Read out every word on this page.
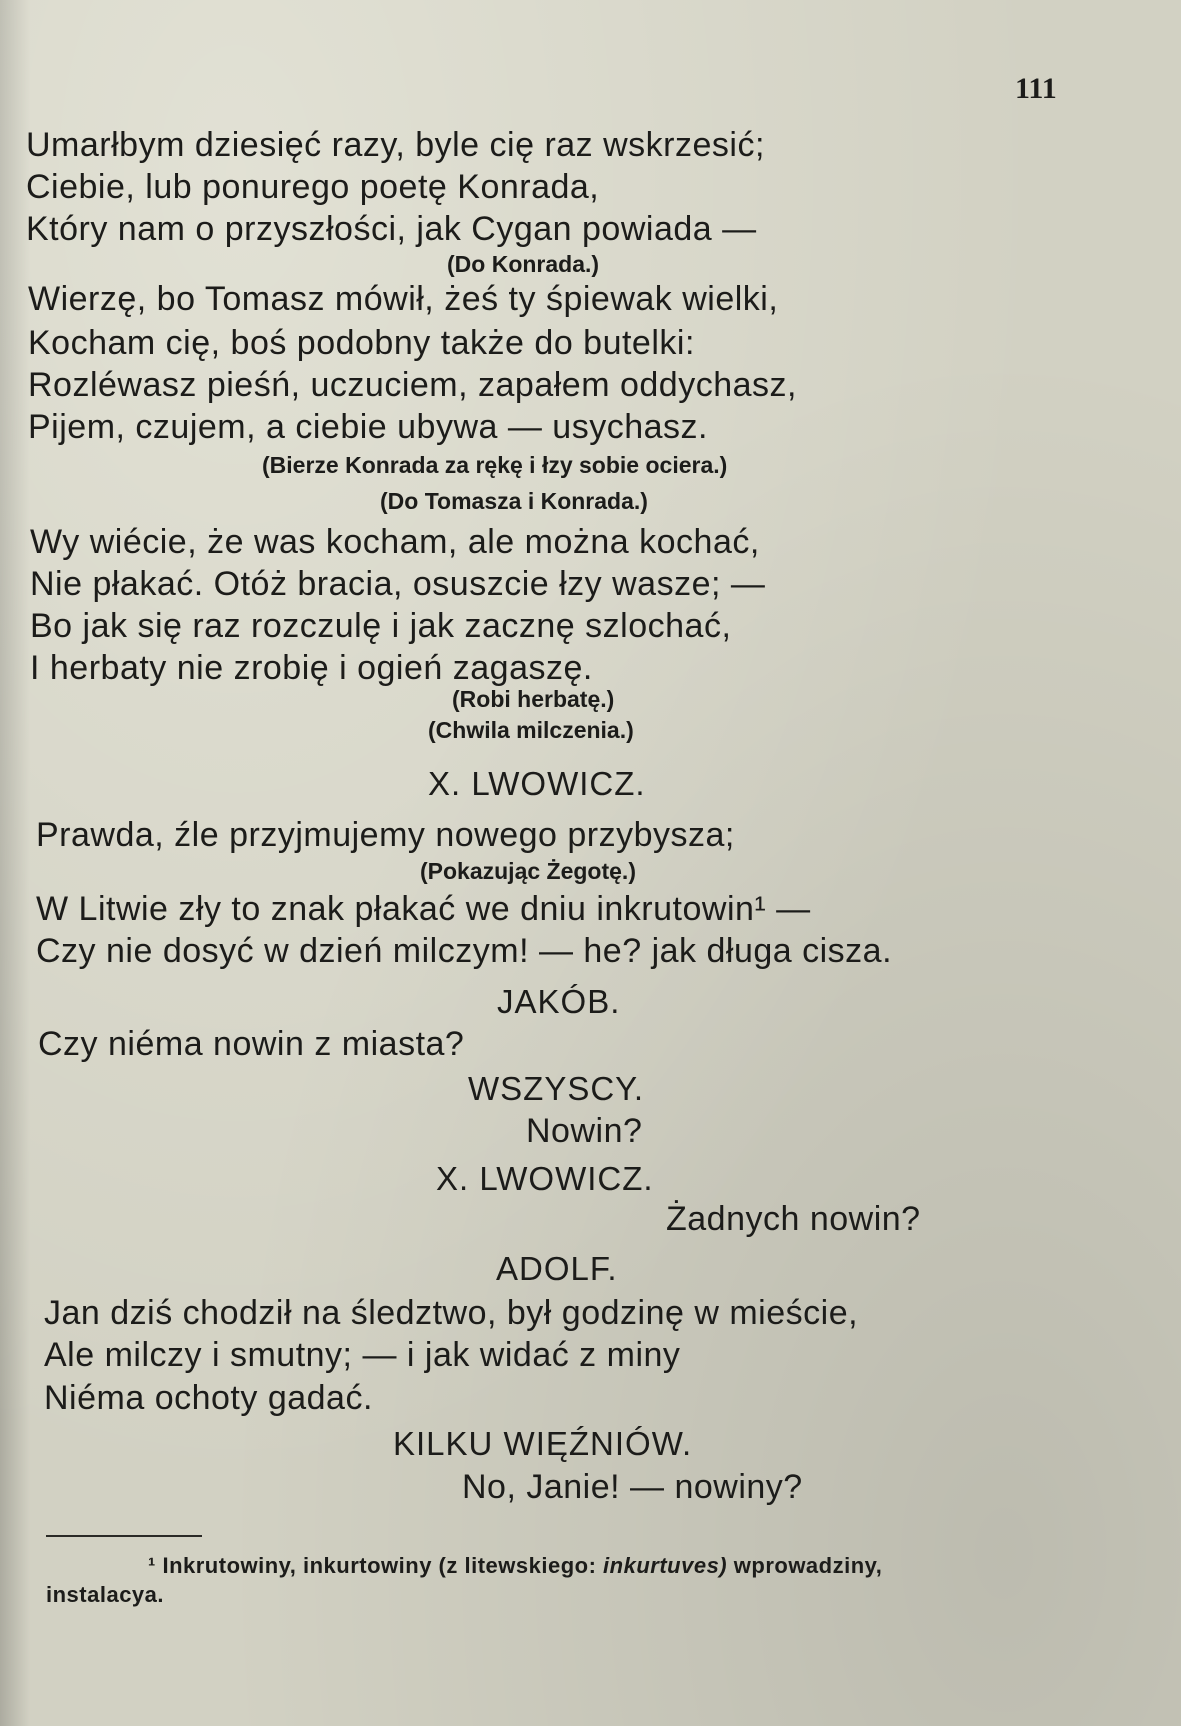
111
Umarłbym dziesięć razy, byle cię raz wskrzesić;
Ciebie, lub ponurego poetę Konrada,
Który nam o przyszłości, jak Cygan powiada —
(Do Konrada.)
Wierzę, bo Tomasz mówił, żeś ty śpiewak wielki,
Kocham cię, boś podobny także do butelki:
Rozléwasz pieśń, uczuciem, zapałem oddychasz,
Pijem, czujem, a ciebie ubywa — usychasz.
(Bierze Konrada za rękę i łzy sobie ociera.)
(Do Tomasza i Konrada.)
Wy wiécie, że was kocham, ale można kochać,
Nie płakać. Otóż bracia, osuszcie łzy wasze; —
Bo jak się raz rozczulę i jak zacznę szlochać,
I herbaty nie zrobię i ogień zagaszę.
(Robi herbatę.)
(Chwila milczenia.)
X. LWOWICZ.
Prawda, źle przyjmujemy nowego przybysza;
(Pokazując Żegotę.)
W Litwie zły to znak płakać we dniu inkrutowin¹ —
Czy nie dosyć w dzień milczym! — he? jak długa cisza.
JAKÓB.
Czy niéma nowin z miasta?
WSZYSCY.
Nowin?
X. LWOWICZ.
Żadnych nowin?
ADOLF.
Jan dziś chodził na śledztwo, był godzinę w mieście,
Ale milczy i smutny; — i jak widać z miny
Niéma ochoty gadać.
KILKU WIĘŹNIÓW.
No, Janie! — nowiny?
¹ Inkrutowiny, inkurtowiny (z litewskiego: inkurtuves) wprowadziny,
instalacya.
